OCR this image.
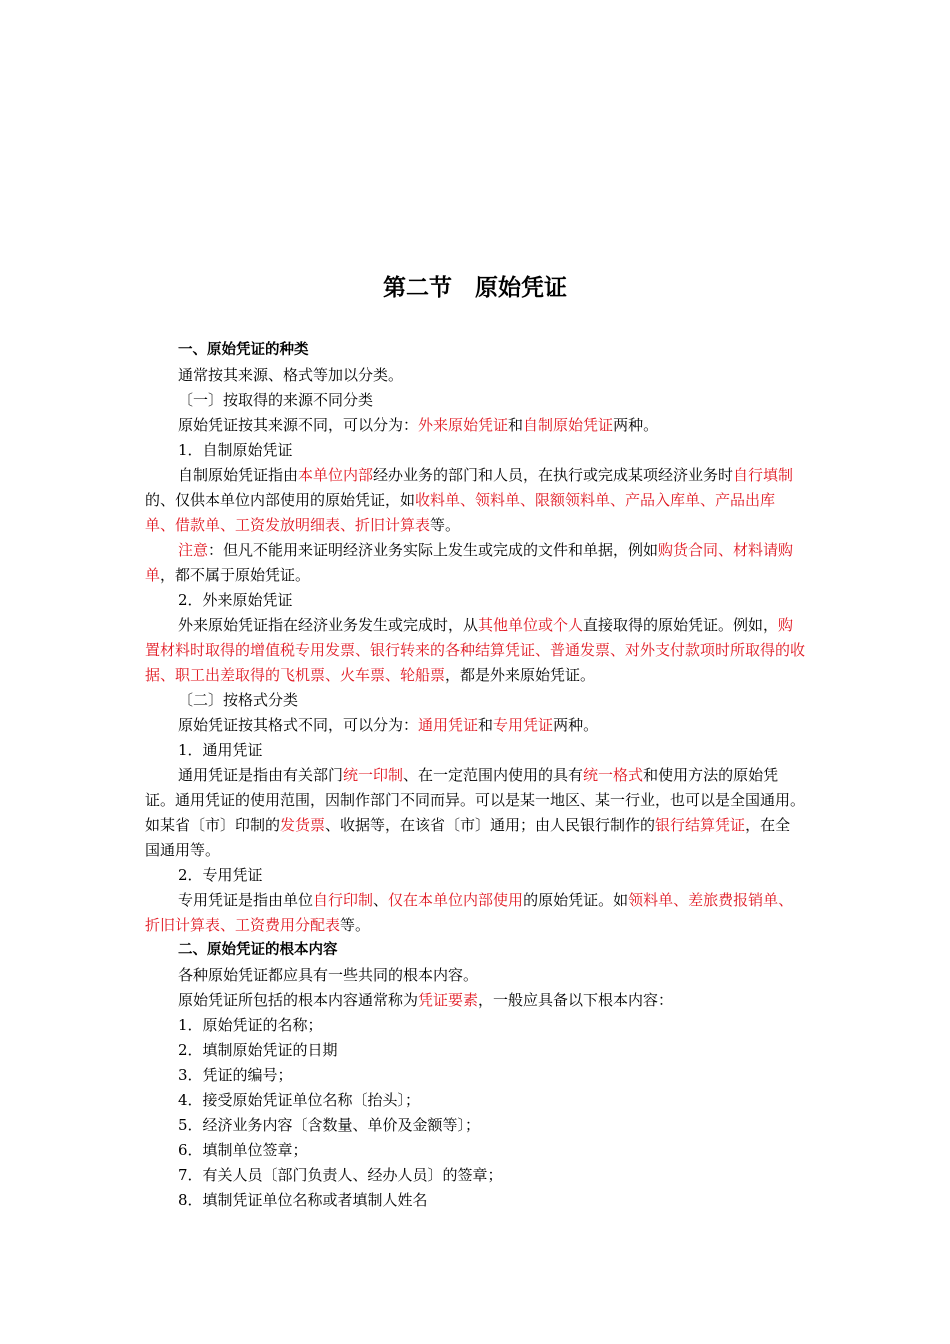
第二节　原始凭证

一、原始凭证的种类

通常按其来源、格式等加以分类。

〔一〕按取得的来源不同分类

原始凭证按其来源不同，可以分为：外来原始凭证和自制原始凭证两种。

1．自制原始凭证

自制原始凭证指由本单位内部经办业务的部门和人员，在执行或完成某项经济业务时自行填制的、仅供本单位内部使用的原始凭证，如收料单、领料单、限额领料单、产品入库单、产品出库单、借款单、工资发放明细表、折旧计算表等。

注意：但凡不能用来证明经济业务实际上发生或完成的文件和单据，例如购货合同、材料请购单，都不属于原始凭证。

2．外来原始凭证

外来原始凭证指在经济业务发生或完成时，从其他单位或个人直接取得的原始凭证。例如，购置材料时取得的增值税专用发票、银行转来的各种结算凭证、普通发票、对外支付款项时所取得的收据、职工出差取得的飞机票、火车票、轮船票，都是外来原始凭证。

〔二〕按格式分类

原始凭证按其格式不同，可以分为：通用凭证和专用凭证两种。

1．通用凭证

通用凭证是指由有关部门统一印制、在一定范围内使用的具有统一格式和使用方法的原始凭证。通用凭证的使用范围，因制作部门不同而异。可以是某一地区、某一行业，也可以是全国通用。如某省〔市〕印制的发货票、收据等，在该省〔市〕通用；由人民银行制作的银行结算凭证，在全国通用等。

2．专用凭证

专用凭证是指由单位自行印制、仅在本单位内部使用的原始凭证。如领料单、差旅费报销单、折旧计算表、工资费用分配表等。

二、原始凭证的根本内容

各种原始凭证都应具有一些共同的根本内容。

原始凭证所包括的根本内容通常称为凭证要素，一般应具备以下根本内容：

1．原始凭证的名称；

2．填制原始凭证的日期

3．凭证的编号；

4．接受原始凭证单位名称〔抬头〕；

5．经济业务内容〔含数量、单价及金额等〕；

6．填制单位签章；

7．有关人员〔部门负责人、经办人员〕的签章；

8．填制凭证单位名称或者填制人姓名
